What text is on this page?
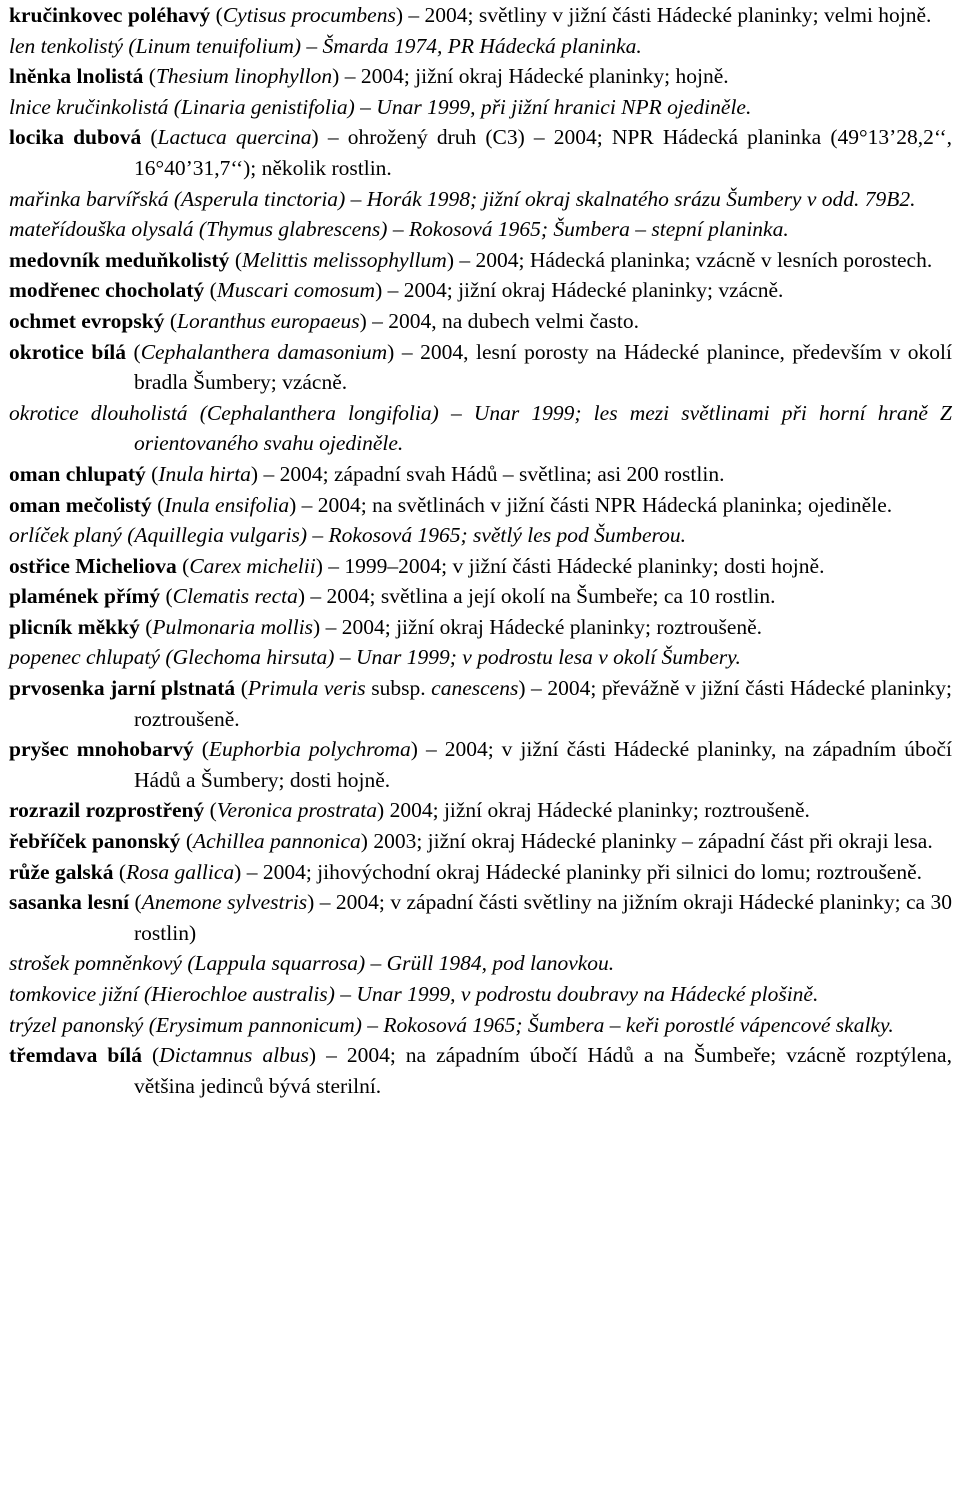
kručinkovec poléhavý (Cytisus procumbens) – 2004; světliny v jižní části Hádecké planinky; velmi hojně.

len tenkolistý (Linum tenuifolium) – Šmarda 1974, PR Hádecká planinka.

lněnka lnolistá (Thesium linophyllon) – 2004; jižní okraj Hádecké planinky; hojně.

lnice kručinkolistá (Linaria genistifolia) – Unar 1999, při jižní hranici NPR ojediněle.

locika dubová (Lactuca quercina) – ohrožený druh (C3) – 2004; NPR Hádecká planinka (49°13’28,2‘‘, 16°40’31,7‘‘); několik rostlin.

mařinka barvířská (Asperula tinctoria) – Horák 1998; jižní okraj skalnatého srázu Šumbery v odd. 79B2.

mateřídouška olysalá (Thymus glabrescens) – Rokosová 1965; Šumbera – stepní planinka.

medovník meduňkolistý (Melittis melissophyllum) – 2004; Hádecká planinka; vzácně v lesních porostech.

modřenec chocholatý (Muscari comosum) – 2004; jižní okraj Hádecké planinky; vzácně.

ochmet evropský (Loranthus europaeus) – 2004, na dubech velmi často.

okrotice bílá (Cephalanthera damasonium) – 2004, lesní porosty na Hádecké planince, především v okolí bradla Šumbery; vzácně.

okrotice dlouholistá (Cephalanthera longifolia) – Unar 1999; les mezi světlinami při horní hraně Z orientovaného svahu ojediněle.

oman chlupatý (Inula hirta) – 2004; západní svah Hádů – světlina; asi 200 rostlin.

oman mečolistý (Inula ensifolia) – 2004; na světlinách v jižní části NPR Hádecká planinka; ojediněle.

orlíček planý (Aquillegia vulgaris) – Rokosová 1965; světlý les pod Šumberou.

ostřice Micheliova (Carex michelii) – 1999–2004; v jižní části Hádecké planinky; dosti hojně.

plamének přímý (Clematis recta) – 2004; světlina a její okolí na Šumbeře; ca 10 rostlin.

plicník měkký (Pulmonaria mollis) – 2004; jižní okraj Hádecké planinky; roztroušeně.

popenec chlupatý (Glechoma hirsuta) – Unar 1999; v podrostu lesa v okolí Šumbery.

prvosenka jarní plstnatá (Primula veris subsp. canescens) – 2004; převážně v jižní části Hádecké planinky; roztroušeně.

pryšec mnohobarvý (Euphorbia polychroma) – 2004; v jižní části Hádecké planinky, na západním úbočí Hádů a Šumbery; dosti hojně.

rozrazil rozprostřený (Veronica prostrata) 2004; jižní okraj Hádecké planinky; roztroušeně.

řebříček panonský (Achillea pannonica) 2003; jižní okraj Hádecké planinky – západní část při okraji lesa.

růže galská (Rosa gallica) – 2004; jihovýchodní okraj Hádecké planinky při silnici do lomu; roztroušeně.

sasanka lesní (Anemone sylvestris) – 2004; v západní části světliny na jižním okraji Hádecké planinky; ca 30 rostlin)

strošek pomněnkový (Lappula squarrosa) – Grüll 1984, pod lanovkou.

tomkovice jižní (Hierochloe australis) – Unar 1999, v podrostu doubravy na Hádecké plošině.

trýzel panonský (Erysimum pannonicum) – Rokosová 1965; Šumbera – keři porostlé vápencové skalky.

třemdava bílá (Dictamnus albus) – 2004; na západním úbočí Hádů a na Šumbeře; vzácně rozptýlena, většina jedinců bývá sterilní.
